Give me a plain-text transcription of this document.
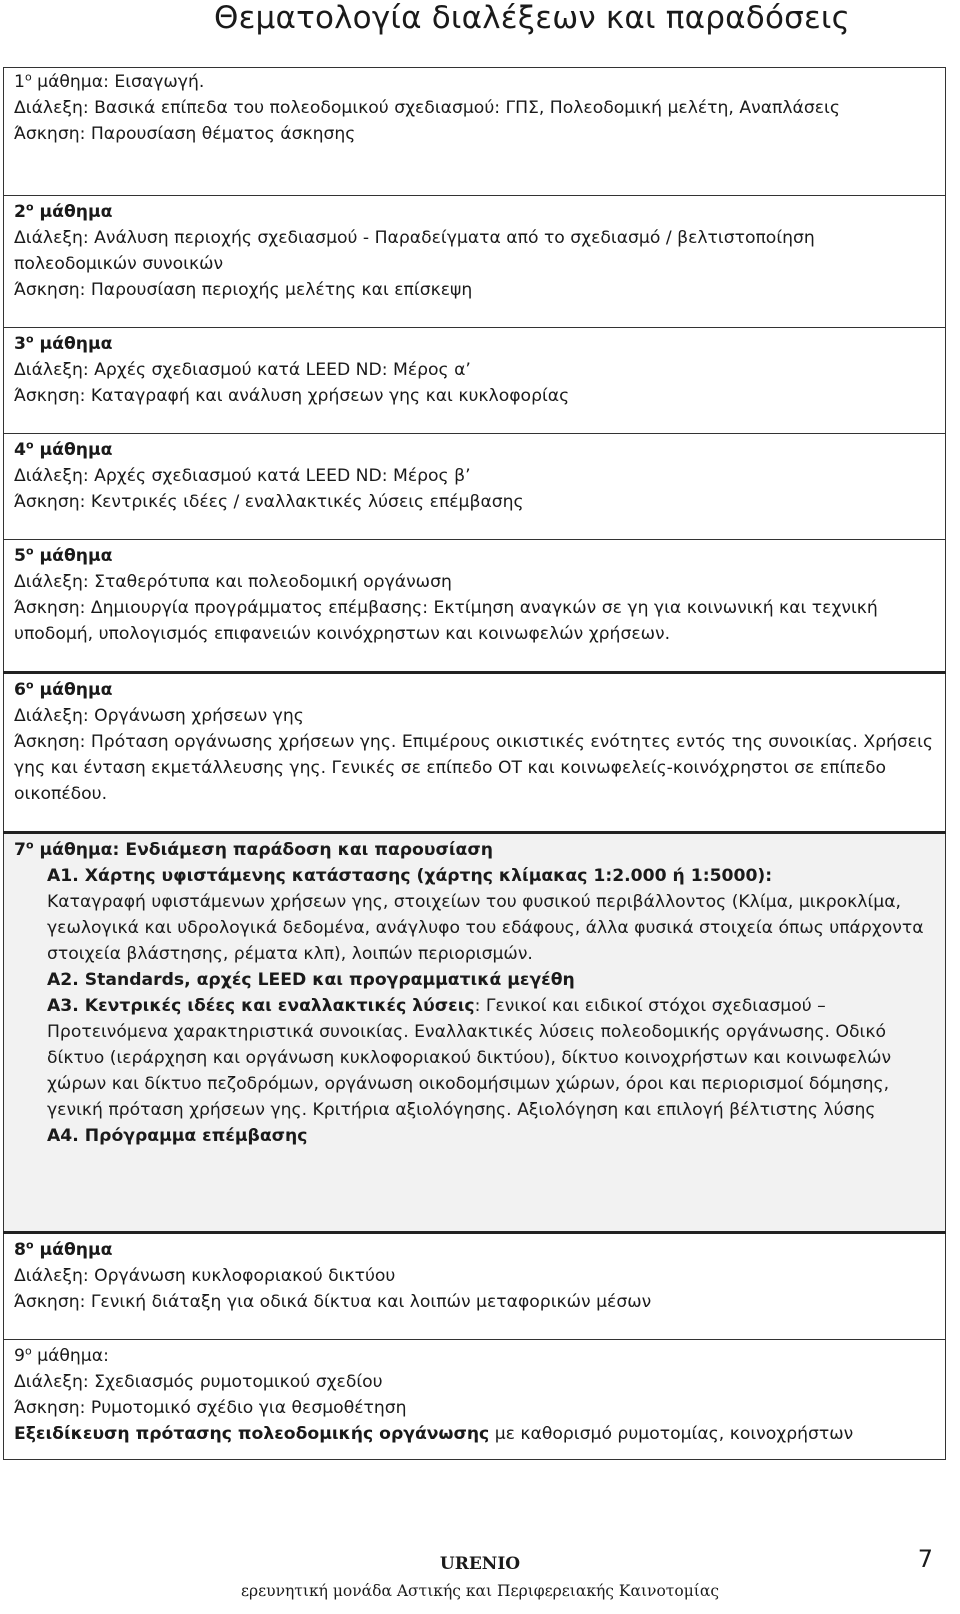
Θεματολογία διαλέξεων και παραδόσεις
$1^o$ μάθημα: Εισαγωγή.
Διάλεξη: Βασικά επίπεδα του πολεοδομικού σχεδιασμού: ΓΠΣ, Πολεοδομική μελέτη, Αναπλάσεις
Άσκηση: Παρουσίαση θέματος άσκησης

$2^o$ μάθημα
Διάλεξη: Ανάλυση περιοχής σχεδιασμού - Παραδείγματα από το σχεδιασμό / βελτιστοποίηση πολεοδομικών συνοικών
Άσκηση: Παρουσίαση περιοχής μελέτης και επίσκεψη

$3^o$ μάθημα
Διάλεξη: Αρχές σχεδιασμού κατά LEED ND: Μέρος α’
Άσκηση: Καταγραφή και ανάλυση χρήσεων γης και κυκλοφορίας

$4^o$ μάθημα
Διάλεξη: Αρχές σχεδιασμού κατά LEED ND: Μέρος β’
Άσκηση: Κεντρικές ιδέες / εναλλακτικές λύσεις επέμβασης

$5^o$ μάθημα
Διάλεξη: Σταθερότυπα και πολεοδομική οργάνωση
Άσκηση: Δημιουργία προγράμματος επέμβασης: Εκτίμηση αναγκών σε γη για κοινωνική και τεχνική υποδομή, υπολογισμός επιφανειών κοινόχρηστων και κοινωφελών χρήσεων.

$6^o$ μάθημα
Διάλεξη: Οργάνωση χρήσεων γης
Άσκηση: Πρόταση οργάνωσης χρήσεων γης. Επιμέρους οικιστικές ενότητες εντός της συνοικίας. Χρήσεις γης και ένταση εκμετάλλευσης γης. Γενικές σε επίπεδο ΟΤ και κοινωφελείς-κοινόχρηστοι σε επίπεδο οικοπέδου.

$7^o$ μάθημα: Ενδιάμεση παράδοση και παρουσίαση
Α1. Χάρτης υφιστάμενης κατάστασης (χάρτης κλίμακας 1:2.000 ή 1:5000):
Καταγραφή υφιστάμενων χρήσεων γης, στοιχείων του φυσικού περιβάλλοντος (Κλίμα, μικροκλίμα, γεωλογικά και υδρολογικά δεδομένα, ανάγλυφο του εδάφους, άλλα φυσικά στοιχεία όπως υπάρχοντα στοιχεία βλάστησης, ρέματα κλπ), λοιπών περιορισμών.
Α2. Standards, αρχές LEED και προγραμματικά μεγέθη
Α3. Κεντρικές ιδέες και εναλλακτικές λύσεις: Γενικοί και ειδικοί στόχοι σχεδιασμού – Προτεινόμενα χαρακτηριστικά συνοικίας. Εναλλακτικές λύσεις πολεοδομικής οργάνωσης. Οδικό δίκτυο (ιεράρχηση και οργάνωση κυκλοφοριακού δικτύου), δίκτυο κοινοχρήστων και κοινωφελών χώρων και δίκτυο πεζοδρόμων, οργάνωση οικοδομήσιμων χώρων, όροι και περιορισμοί δόμησης, γενική πρόταση χρήσεων γης. Κριτήρια αξιολόγησης. Αξιολόγηση και επιλογή βέλτιστης λύσης
Α4. Πρόγραμμα επέμβασης

$8^o$ μάθημα
Διάλεξη: Οργάνωση κυκλοφοριακού δικτύου
Άσκηση: Γενική διάταξη για οδικά δίκτυα και λοιπών μεταφορικών μέσων

$9^o$ μάθημα:
Διάλεξη: Σχεδιασμός ρυμοτομικού σχεδίου
Άσκηση: Ρυμοτομικό σχέδιο για θεσμοθέτηση
Εξειδίκευση πρότασης πολεοδομικής οργάνωσης με καθορισμό ρυμοτομίας, κοινοχρήστων
URENIO
ερευνητική μονάδα Αστικής και Περιφερειακής Καινοτομίας
7
